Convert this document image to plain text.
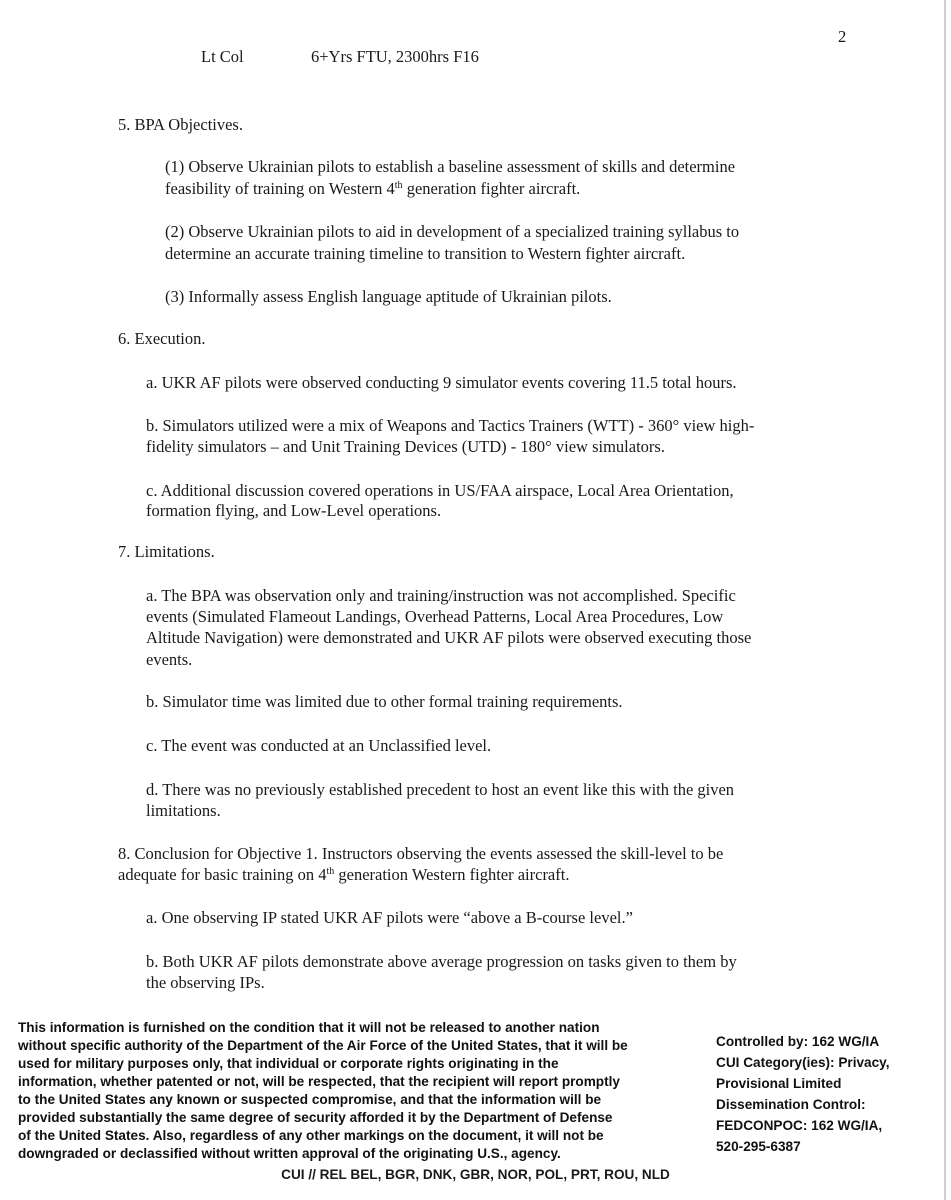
2
Lt Col	6+Yrs FTU, 2300hrs F16
5. BPA Objectives.
(1) Observe Ukrainian pilots to establish a baseline assessment of skills and determine
feasibility of training on Western 4th generation fighter aircraft.
(2) Observe Ukrainian pilots to aid in development of a specialized training syllabus to
determine an accurate training timeline to transition to Western fighter aircraft.
(3) Informally assess English language aptitude of Ukrainian pilots.
6. Execution.
a. UKR AF pilots were observed conducting 9 simulator events covering 11.5 total hours.
b. Simulators utilized were a mix of Weapons and Tactics Trainers (WTT) - 360° view high-
fidelity simulators – and Unit Training Devices (UTD) - 180° view simulators.
c. Additional discussion covered operations in US/FAA airspace, Local Area Orientation,
formation flying, and Low-Level operations.
7. Limitations.
a. The BPA was observation only and training/instruction was not accomplished. Specific
events (Simulated Flameout Landings, Overhead Patterns, Local Area Procedures, Low
Altitude Navigation) were demonstrated and UKR AF pilots were observed executing those
events.
b. Simulator time was limited due to other formal training requirements.
c. The event was conducted at an Unclassified level.
d. There was no previously established precedent to host an event like this with the given
limitations.
8. Conclusion for Objective 1. Instructors observing the events assessed the skill-level to be
adequate for basic training on 4th generation Western fighter aircraft.
a. One observing IP stated UKR AF pilots were “above a B-course level.”
b. Both UKR AF pilots demonstrate above average progression on tasks given to them by
the observing IPs.
This information is furnished on the condition that it will not be released to another nation
without specific authority of the Department of the Air Force of the United States, that it will be
used for military purposes only, that individual or corporate rights originating in the
information, whether patented or not, will be respected, that the recipient will report promptly
to the United States any known or suspected compromise, and that the information will be
provided substantially the same degree of security afforded it by the Department of Defense
of the United States. Also, regardless of any other markings on the document, it will not be
downgraded or declassified without written approval of the originating U.S., agency.
Controlled by: 162 WG/IA
CUI Category(ies): Privacy,
Provisional Limited
Dissemination Control:
FEDCONPOC: 162 WG/IA,
520-295-6387
CUI // REL BEL, BGR, DNK, GBR, NOR, POL, PRT, ROU, NLD
